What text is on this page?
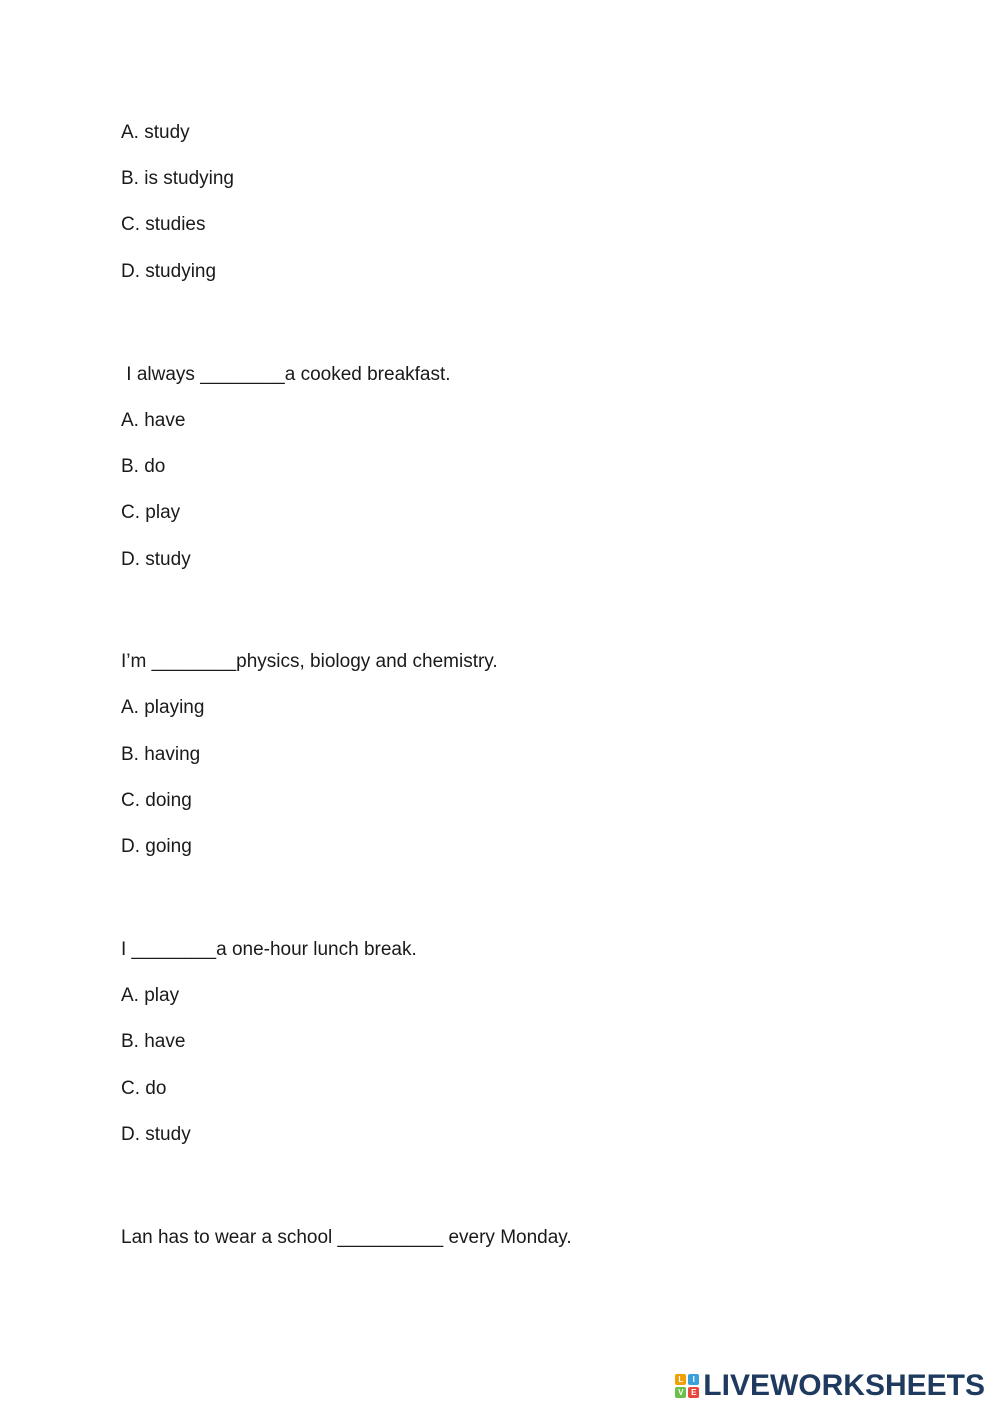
A. study
B. is studying
C. studies
D. studying
I always ________a cooked breakfast.
A. have
B. do
C. play
D. study
I’m ________physics, biology and chemistry.
A. playing
B. having
C. doing
D. going
I ________a one-hour lunch break.
A. play
B. have
C. do
D. study
Lan has to wear a school __________ every Monday.
L	I
V E LIVEWORKSHEETS
